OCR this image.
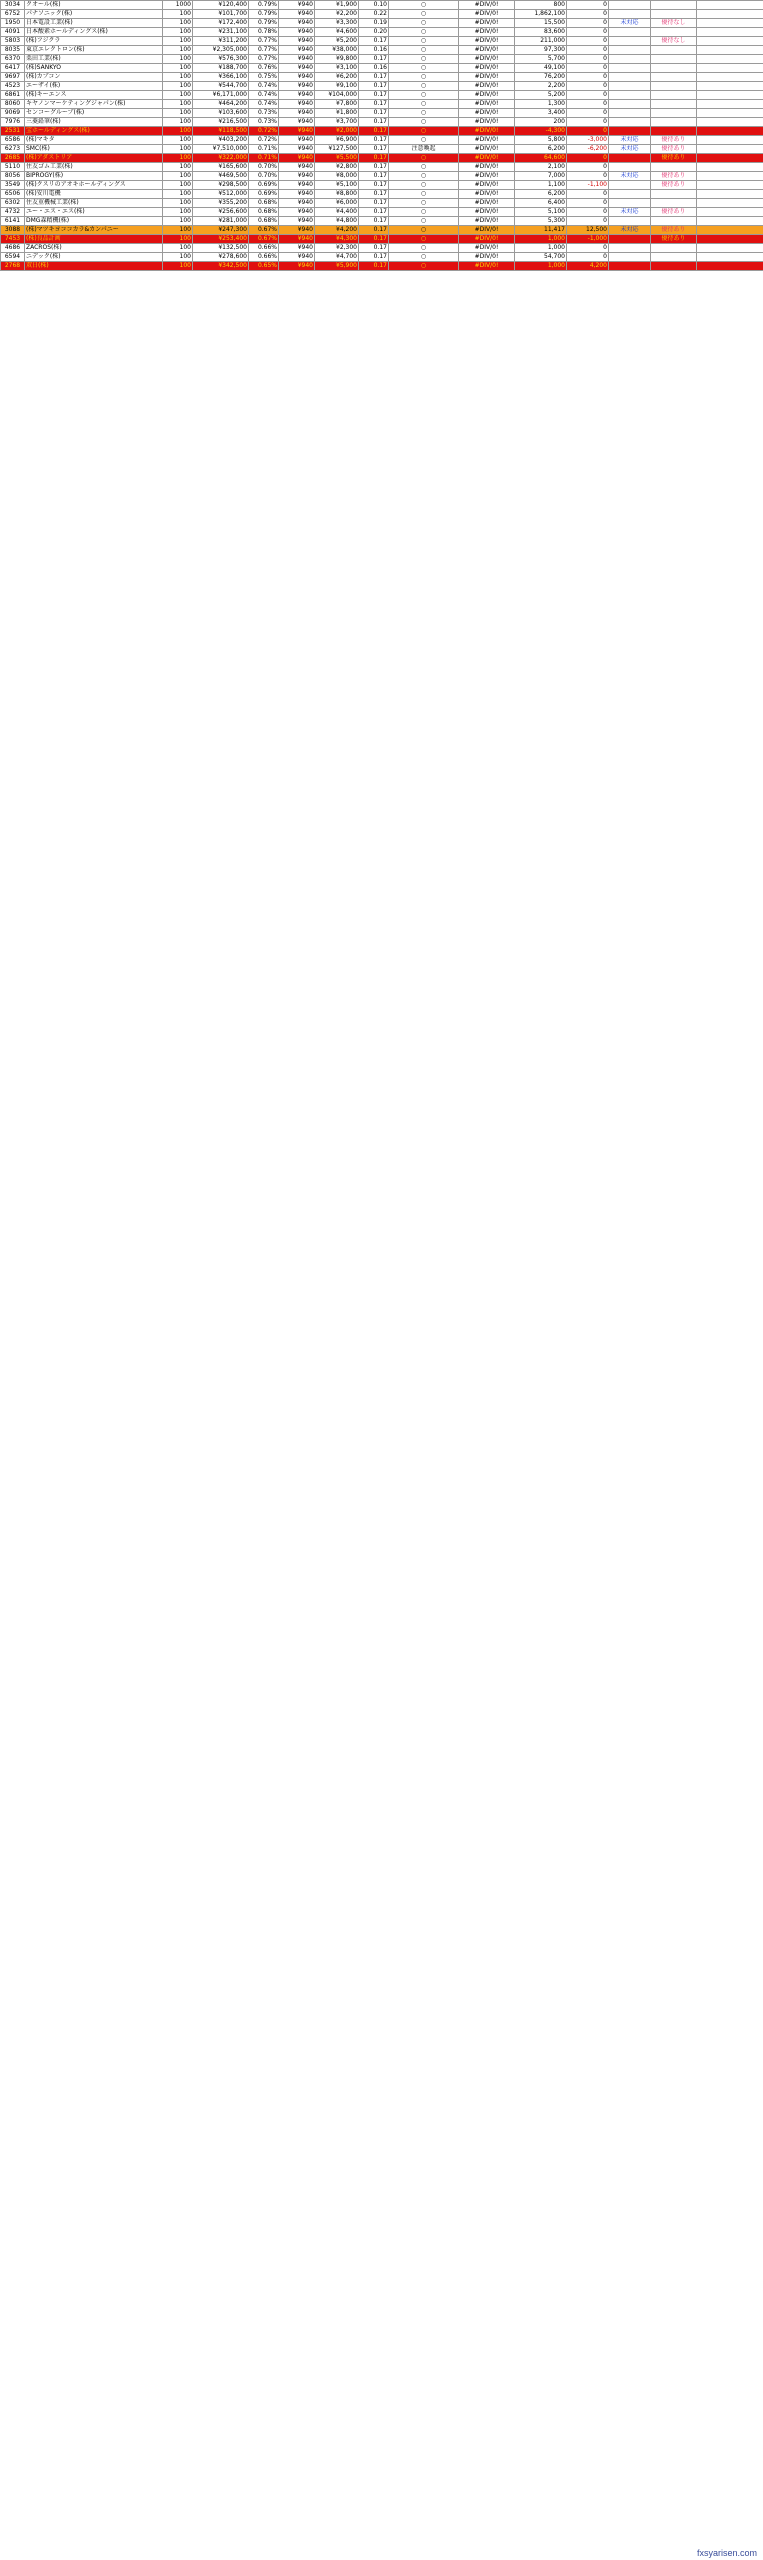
3034	クオール(株)	1000	¥120,400	0.79%	¥940	¥1,900	0.10	○	#DIV/0!	800	0			
6752	パナソニック(株)	100	¥101,700	0.79%	¥940	¥2,200	0.22	○	#DIV/0!	1,862,100	0			
1950	日本電設工業(株)	100	¥172,400	0.79%	¥940	¥3,300	0.19	○	#DIV/0!	15,500	0	未対応	優待なし	
4091	日本酸素ホールディングス(株)	100	¥231,100	0.78%	¥940	¥4,600	0.20	○	#DIV/0!	83,600	0			
5803	(株)フジクラ	100	¥311,200	0.77%	¥940	¥5,200	0.17	○	#DIV/0!	211,000	0		優待なし	
8035	東京エレクトロン(株)	100	¥2,305,000	0.77%	¥940	¥38,000	0.16	○	#DIV/0!	97,300	0			
6370	栗田工業(株)	100	¥576,300	0.77%	¥940	¥9,800	0.17	○	#DIV/0!	5,700	0			
6417	(株)SANKYO	100	¥188,700	0.76%	¥940	¥3,100	0.16	○	#DIV/0!	49,100	0			
9697	(株)カプコン	100	¥366,100	0.75%	¥940	¥6,200	0.17	○	#DIV/0!	76,200	0			
4523	エーザイ(株)	100	¥544,700	0.74%	¥940	¥9,100	0.17	○	#DIV/0!	2,200	0			
6861	(株)キーエンス	100	¥6,171,000	0.74%	¥940	¥104,000	0.17	○	#DIV/0!	5,200	0			
8060	キヤノンマーケティングジャパン(株)	100	¥464,200	0.74%	¥940	¥7,800	0.17	○	#DIV/0!	1,300	0			
9069	センコーグループ(株)	100	¥103,600	0.73%	¥940	¥1,800	0.17	○	#DIV/0!	3,400	0			
7976	三菱鉛筆(株)	100	¥216,500	0.73%	¥940	¥3,700	0.17	○	#DIV/0!	200	0			
2531	宝ホールディングス(株)	100	¥118,500	0.72%	¥940	¥2,000	0.17	○	#DIV/0!	-4,300	0			
6586	(株)マキタ	100	¥403,200	0.72%	¥940	¥6,900	0.17	○	#DIV/0!	5,800	-3,000	未対応	優待あり	
6273	SMC(株)	100	¥7,510,000	0.71%	¥940	¥127,500	0.17	注意喚起	#DIV/0!	6,200	-6,200	未対応	優待あり	
2685	(株)アダストリア	100	¥322,000	0.71%	¥940	¥5,500	0.17	○	#DIV/0!	64,600	0		優待あり	
5110	住友ゴム工業(株)	100	¥165,600	0.70%	¥940	¥2,800	0.17	○	#DIV/0!	2,100	0			
8056	BIPROGY(株)	100	¥469,500	0.70%	¥940	¥8,000	0.17	○	#DIV/0!	7,000	0	未対応	優待あり	
3549	(株)クスリのアオキホールディングス	100	¥298,500	0.69%	¥940	¥5,100	0.17	○	#DIV/0!	1,100	-1,100		優待あり	
6506	(株)安川電機	100	¥512,000	0.69%	¥940	¥8,800	0.17	○	#DIV/0!	6,200	0			
6302	住友重機械工業(株)	100	¥355,200	0.68%	¥940	¥6,000	0.17	○	#DIV/0!	6,400	0			
4732	ユー・エス・エス(株)	100	¥256,600	0.68%	¥940	¥4,400	0.17	○	#DIV/0!	5,100	0	未対応	優待あり	
6141	DMG森精機(株)	100	¥281,000	0.68%	¥940	¥4,800	0.17	○	#DIV/0!	5,300	0			
3088	(株)マツキヨココカラ&カンパニー	100	¥247,300	0.67%	¥940	¥4,200	0.17	○	#DIV/0!	11,417	12,500	未対応	優待あり	
7453	(株)良品計画	100	¥253,400	0.67%	¥940	¥4,300	0.17	○	#DIV/0!	1,000	-1,000		優待あり	
4686	ZACROS(株)	100	¥132,500	0.66%	¥940	¥2,300	0.17	○	#DIV/0!	1,000	0			
6594	ニデック(株)	100	¥278,600	0.66%	¥940	¥4,700	0.17	○	#DIV/0!	54,700	0			
2768	双日(株)	100	¥342,500	0.65%	¥940	¥5,900	0.17	○	#DIV/0!	1,000	4,200			
fxsyarisen.com
